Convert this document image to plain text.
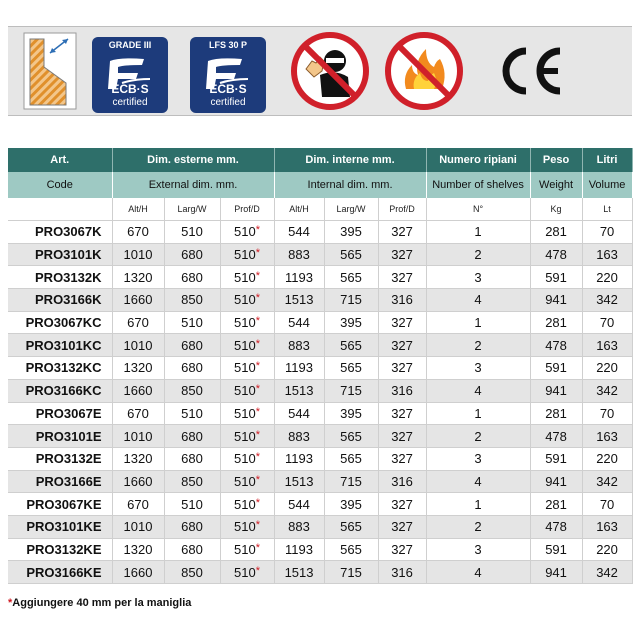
GRADE III
ECB·S
certified
LFS 30 P
ECB·S
certified
Art.	Dim. esterne mm.			Dim. interne mm.			Numero ripiani	Peso	Litri
Code	External dim. mm.			Internal dim. mm.			Number of shelves	Weight	Volume
	Alt/H	Larg/W	Prof/D	Alt/H	Larg/W	Prof/D	N°	Kg	Lt
PRO3067K	670	510	510*	544	395	327	1	281	70
PRO3101K	1010	680	510*	883	565	327	2	478	163
PRO3132K	1320	680	510*	1193	565	327	3	591	220
PRO3166K	1660	850	510*	1513	715	316	4	941	342
PRO3067KC	670	510	510*	544	395	327	1	281	70
PRO3101KC	1010	680	510*	883	565	327	2	478	163
PRO3132KC	1320	680	510*	1193	565	327	3	591	220
PRO3166KC	1660	850	510*	1513	715	316	4	941	342
PRO3067E	670	510	510*	544	395	327	1	281	70
PRO3101E	1010	680	510*	883	565	327	2	478	163
PRO3132E	1320	680	510*	1193	565	327	3	591	220
PRO3166E	1660	850	510*	1513	715	316	4	941	342
PRO3067KE	670	510	510*	544	395	327	1	281	70
PRO3101KE	1010	680	510*	883	565	327	2	478	163
PRO3132KE	1320	680	510*	1193	565	327	3	591	220
PRO3166KE	1660	850	510*	1513	715	316	4	941	342
*Aggiungere 40 mm per la maniglia
